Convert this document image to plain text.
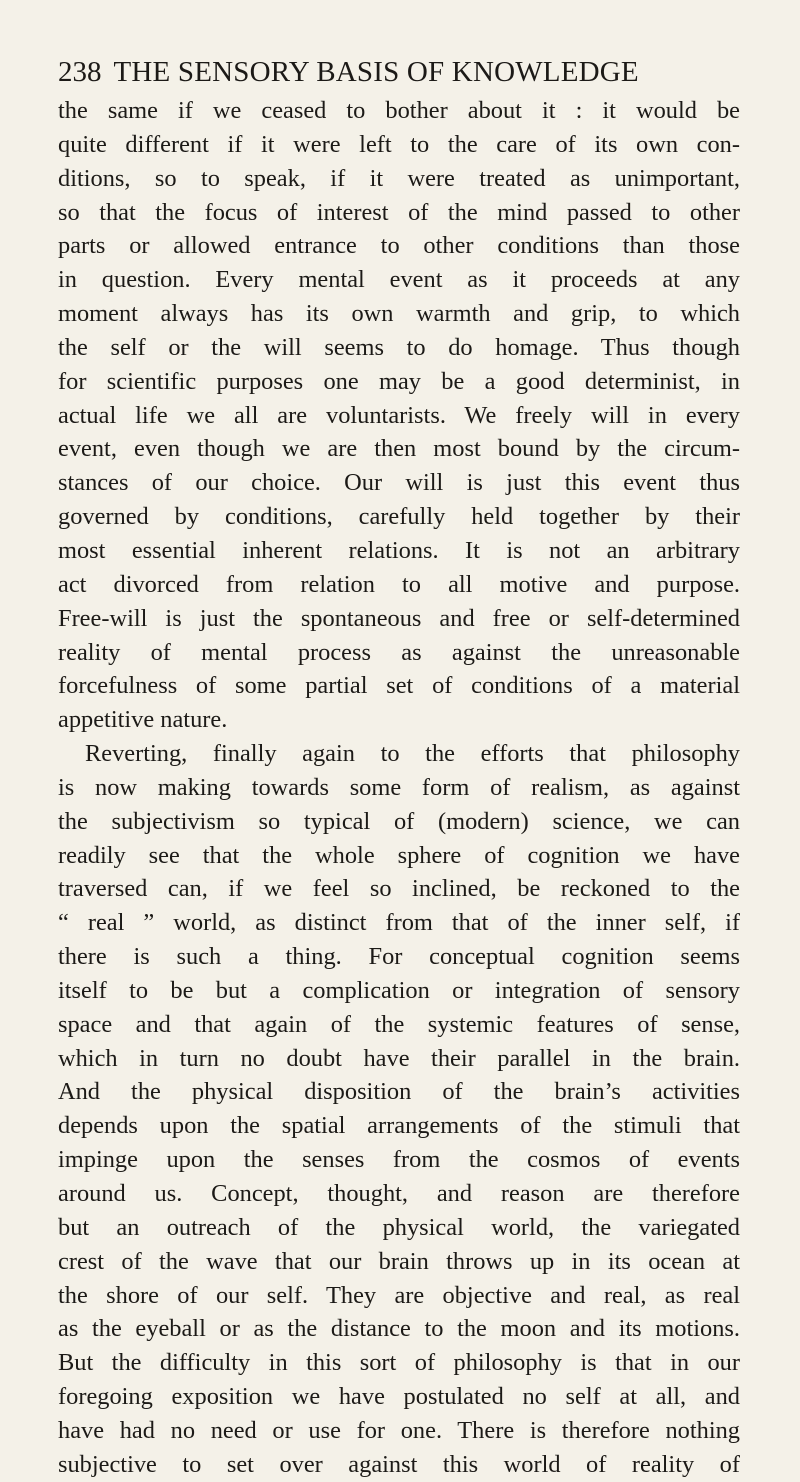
238 THE SENSORY BASIS OF KNOWLEDGE
the same if we ceased to bother about it : it would be
quite different if it were left to the care of its own con-
ditions, so to speak, if it were treated as unimportant,
so that the focus of interest of the mind passed to other
parts or allowed entrance to other conditions than those
in question. Every mental event as it proceeds at any
moment always has its own warmth and grip, to which
the self or the will seems to do homage. Thus though
for scientific purposes one may be a good determinist, in
actual life we all are voluntarists. We freely will in every
event, even though we are then most bound by the circum-
stances of our choice. Our will is just this event thus
governed by conditions, carefully held together by their
most essential inherent relations. It is not an arbitrary
act divorced from relation to all motive and purpose.
Free-will is just the spontaneous and free or self-determined
reality of mental process as against the unreasonable
forcefulness of some partial set of conditions of a material
appetitive nature.
Reverting, finally again to the efforts that philosophy
is now making towards some form of realism, as against
the subjectivism so typical of (modern) science, we can
readily see that the whole sphere of cognition we have
traversed can, if we feel so inclined, be reckoned to the
“ real ” world, as distinct from that of the inner self, if
there is such a thing. For conceptual cognition seems
itself to be but a complication or integration of sensory
space and that again of the systemic features of sense,
which in turn no doubt have their parallel in the brain.
And the physical disposition of the brain’s activities
depends upon the spatial arrangements of the stimuli that
impinge upon the senses from the cosmos of events
around us. Concept, thought, and reason are therefore
but an outreach of the physical world, the variegated
crest of the wave that our brain throws up in its ocean at
the shore of our self. They are objective and real, as real
as the eyeball or as the distance to the moon and its motions.
But the difficulty in this sort of philosophy is that in our
foregoing exposition we have postulated no self at all, and
have had no need or use for one. There is therefore nothing
subjective to set over against this world of reality of
